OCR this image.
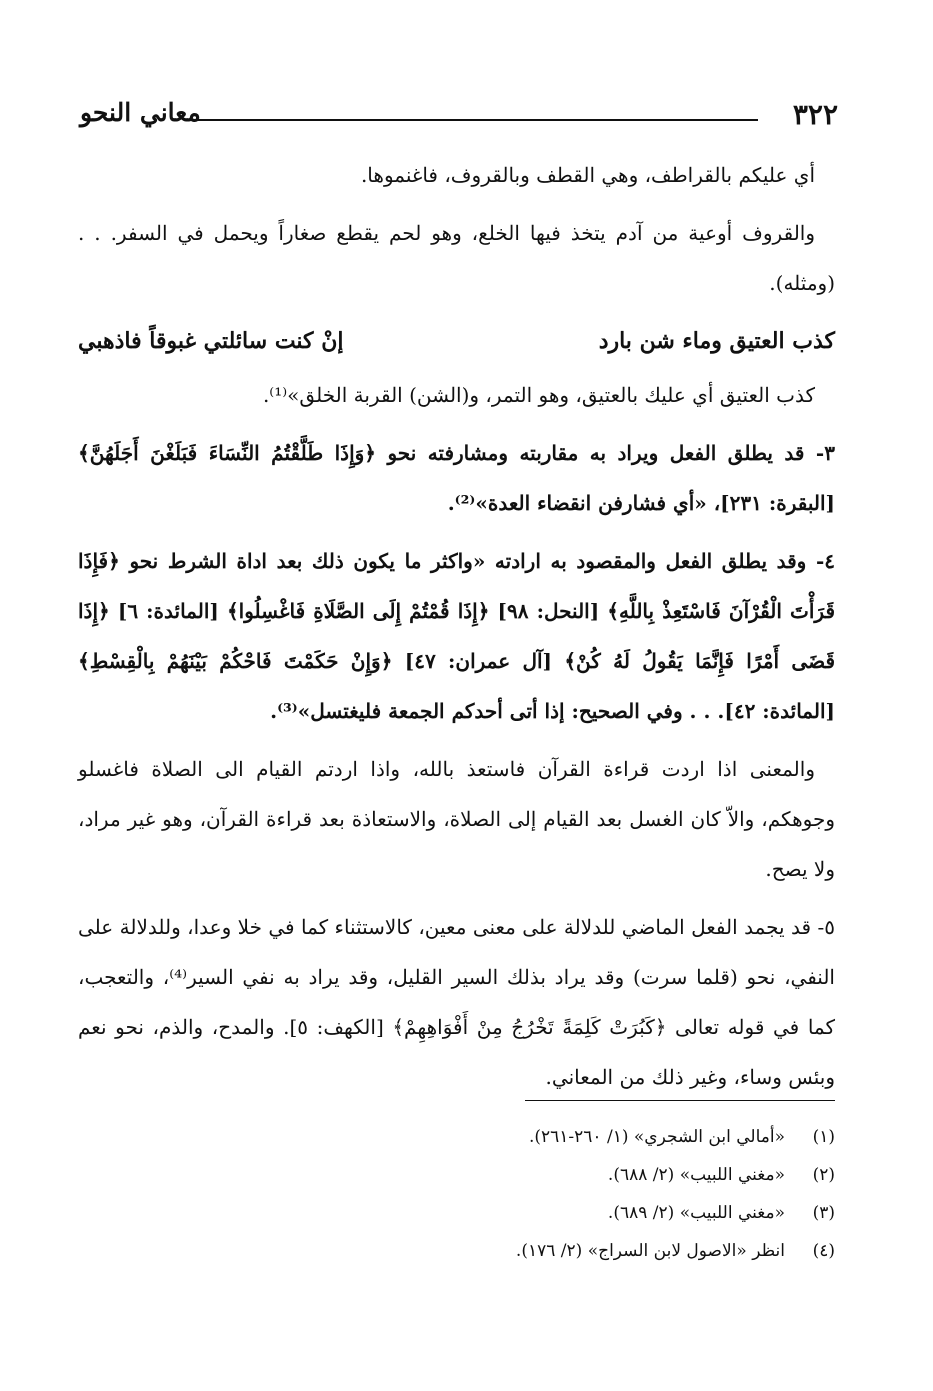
٣٢٢
معاني النحو

أي عليكم بالقراطف، وهي القطف وبالقروف، فاغنموها.

والقروف أوعية من آدم يتخذ فيها الخلع، وهو لحم يقطع صغاراً ويحمل في السفر. . . (ومثله).

كذب العتيق وماء شن بارد
إنْ كنت سائلتي غبوقاً فاذهبي

كذب العتيق أي عليك بالعتيق، وهو التمر، و(الشن) القربة الخلق»⁽¹⁾.

٣- قد يطلق الفعل ويراد به مقاربته ومشارفته نحو ﴿وَإِذَا طَلَّقْتُمُ النِّسَاءَ فَبَلَغْنَ أَجَلَهُنَّ﴾ [البقرة: ٢٣١]، «أي فشارفن انقضاء العدة»⁽²⁾.

٤- وقد يطلق الفعل والمقصود به ارادته «واكثر ما يكون ذلك بعد اداة الشرط نحو ﴿فَإِذَا قَرَأْتَ الْقُرْآنَ فَاسْتَعِذْ بِاللَّهِ﴾ [النحل: ٩٨] ﴿إِذَا قُمْتُمْ إِلَى الصَّلَاةِ فَاغْسِلُوا﴾ [المائدة: ٦] ﴿إِذَا قَضَى أَمْرًا فَإِنَّمَا يَقُولُ لَهُ كُنْ﴾ [آل عمران: ٤٧] ﴿وَإِنْ حَكَمْتَ فَاحْكُمْ بَيْنَهُمْ بِالْقِسْطِ﴾ [المائدة: ٤٢]. . . وفي الصحيح: إذا أتى أحدكم الجمعة فليغتسل»⁽³⁾.

والمعنى اذا اردت قراءة القرآن فاستعذ بالله، واذا اردتم القيام الى الصلاة فاغسلو وجوهكم، والاّ كان الغسل بعد القيام إلى الصلاة، والاستعاذة بعد قراءة القرآن، وهو غير مراد، ولا يصح.

٥- قد يجمد الفعل الماضي للدلالة على معنى معين، كالاستثناء كما في خلا وعدا، وللدلالة على النفي، نحو (قلما سرت) وقد يراد بذلك السير القليل، وقد يراد به نفي السير⁽⁴⁾، والتعجب، كما في قوله تعالى ﴿كَبُرَتْ كَلِمَةً تَخْرُجُ مِنْ أَفْوَاهِهِمْ﴾ [الكهف: ٥]. والمدح، والذم، نحو نعم وبئس وساء، وغير ذلك من المعاني.

(١)
«أمالي ابن الشجري» (١/ ٢٦٠-٢٦١).
(٢)
«مغني اللبيب» (٢/ ٦٨٨).
(٣)
«مغني اللبيب» (٢/ ٦٨٩).
(٤)
انظر «الاصول لابن السراج» (٢/ ١٧٦).
